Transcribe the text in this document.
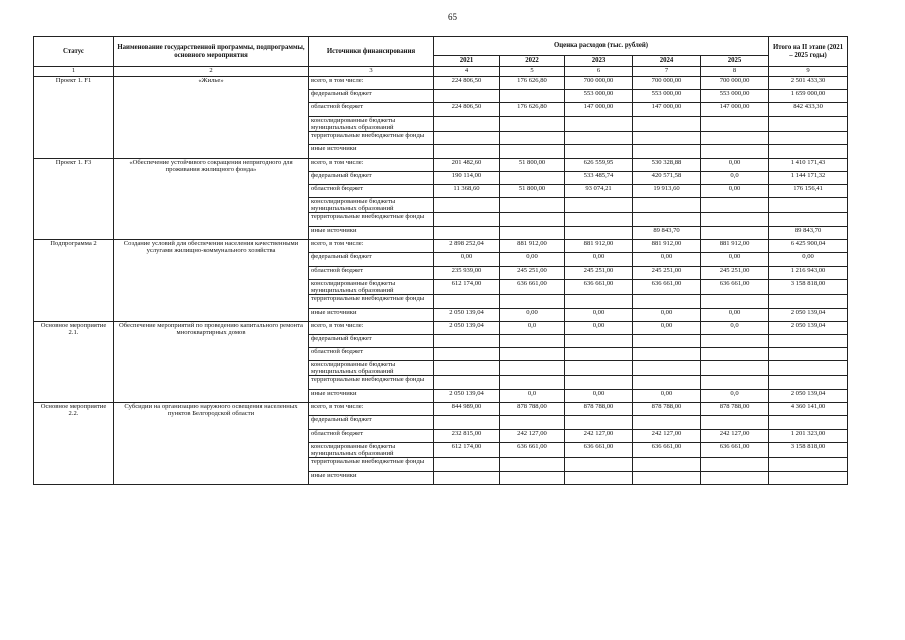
65
Статус	Наименование государственной программы, подпрограммы, основного мероприятия	Источники финансирования	Оценка расходов (тыс. рублей)					Итого на II этапе (2021 – 2025 годы)
			2021	2022	2023	2024	2025	
1	2	3	4	5	6	7	8	9
Проект 1. F1	«Жилье»	всего, в том числе:	224 806,50	176 626,80	700 000,00	700 000,00	700 000,00	2 501 433,30
		федеральный бюджет			553 000,00	553 000,00	553 000,00	1 659 000,00
		областной бюджет	224 806,50	176 626,80	147 000,00	147 000,00	147 000,00	842 433,30
		консолидированные бюджеты муниципальных образований						
		территориальные внебюджетные фонды						
		иные источники						
Проект 1. F3	«Обеспечение устойчивого сокращения непригодного для проживания жилищного фонда»	всего, в том числе:	201 482,60	51 800,00	626 559,95	530 328,88	0,00	1 410 171,43
		федеральный бюджет	190 114,00		533 485,74	420 571,58	0,0	1 144 171,32
		областной бюджет	11 368,60	51 800,00	93 074,21	19 913,60	0,00	176 156,41
		консолидированные бюджеты муниципальных образований						
		территориальные внебюджетные фонды						
		иные источники				89 843,70		89 843,70
Подпрограмма 2	Создание условий для обеспечения населения качественными услугами жилищно-коммунального хозяйства	всего, в том числе:	2 898 252,04	881 912,00	881 912,00	881 912,00	881 912,00	6 425 900,04
		федеральный бюджет	0,00	0,00	0,00	0,00	0,00	0,00
		областной бюджет	235 939,00	245 251,00	245 251,00	245 251,00	245 251,00	1 216 943,00
		консолидированные бюджеты муниципальных образований	612 174,00	636 661,00	636 661,00	636 661,00	636 661,00	3 158 818,00
		территориальные внебюджетные фонды						
		иные источники	2 050 139,04	0,00	0,00	0,00	0,00	2 050 139,04
Основное мероприятие 2.1.	Обеспечение мероприятий по проведению капитального ремонта многоквартирных домов	всего, в том числе:	2 050 139,04	0,0	0,00	0,00	0,0	2 050 139,04
		федеральный бюджет						
		областной бюджет						
		консолидированные бюджеты муниципальных образований						
		территориальные внебюджетные фонды						
		иные источники	2 050 139,04	0,0	0,00	0,00	0,0	2 050 139,04
Основное мероприятие 2.2.	Субсидии на организацию наружного освещения населенных пунктов Белгородской области	всего, в том числе:	844 989,00	878 788,00	878 788,00	878 788,00	878 788,00	4 360 141,00
		федеральный бюджет						
		областной бюджет	232 815,00	242 127,00	242 127,00	242 127,00	242 127,00	1 201 323,00
		консолидированные бюджеты муниципальных образований	612 174,00	636 661,00	636 661,00	636 661,00	636 661,00	3 158 818,00
		территориальные внебюджетные фонды						
		иные источники						
